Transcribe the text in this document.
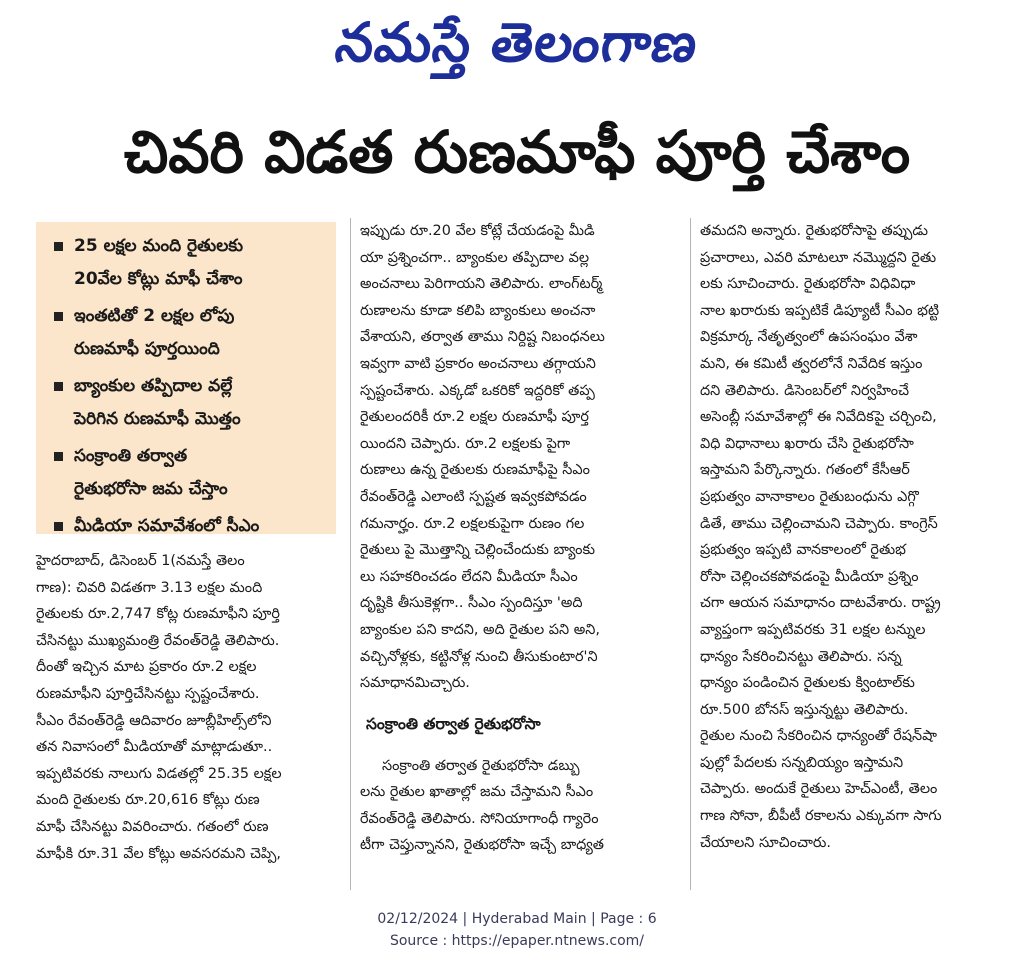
నమస్తే తెలంగాణ
చివరి విడత రుణమాఫీ పూర్తి చేశాం
25 లక్షల మంది రైతులకు
20వేల కోట్లు మాఫీ చేశాం
ఇంతటితో 2 లక్షల లోపు
రుణమాఫీ పూర్తయింది
బ్యాంకుల తప్పిదాల వల్లే
పెరిగిన రుణమాఫీ మొత్తం
సంక్రాంతి తర్వాత
రైతుభరోసా జమ చేస్తాం
మీడియా సమావేశంలో సీఎం

హైదరాబాద్, డిసెంబర్ 1(నమస్తే తెలం

గాణ): చివరి విడతగా 3.13 లక్షల మంది

రైతులకు రూ.2,747 కోట్ల రుణమాఫీని పూర్తి

చేసినట్టు ముఖ్యమంత్రి రేవంత్‌రెడ్డి తెలిపారు.

దీంతో ఇచ్చిన మాట ప్రకారం రూ.2 లక్షల

రుణమాఫీని పూర్తిచేసినట్టు స్పష్టంచేశారు.

సీఎం రేవంత్‌రెడ్డి ఆదివారం జూబ్లీహిల్స్‌లోని

తన నివాసంలో మీడియాతో మాట్లాడుతూ..

ఇప్పటివరకు నాలుగు విడతల్లో 25.35 లక్షల

మంది రైతులకు రూ.20,616 కోట్లు రుణ

మాఫీ చేసినట్టు వివరించారు. గతంలో రుణ

మాఫీకి రూ.31 వేల కోట్లు అవసరమని చెప్పి,

ఇప్పుడు రూ.20 వేల కోట్లే చేయడంపై మీడి

యా ప్రశ్నించగా.. బ్యాంకుల తప్పిదాల వల్ల

అంచనాలు పెరిగాయని తెలిపారు. లాంగ్‌టర్మ్

రుణాలను కూడా కలిపి బ్యాంకులు అంచనా

వేశాయని, తర్వాత తాము నిర్దిష్ట నిబంధనలు

ఇవ్వగా వాటి ప్రకారం అంచనాలు తగ్గాయని

స్పష్టంచేశారు. ఎక్కడో ఒకరికో ఇద్దరికో తప్ప

రైతులందరికీ రూ.2 లక్షల రుణమాఫీ పూర్త

యిందని చెప్పారు. రూ.2 లక్షలకు పైగా

రుణాలు ఉన్న రైతులకు రుణమాఫీపై సీఎం

రేవంత్‌రెడ్డి ఎలాంటి స్పష్టత ఇవ్వకపోవడం

గమనార్హం. రూ.2 లక్షలకుపైగా రుణం గల

రైతులు పై మొత్తాన్ని చెల్లించేందుకు బ్యాంకు

లు సహకరించడం లేదని మీడియా సీఎం

దృష్టికి తీసుకెళ్లగా.. సీఎం స్పందిస్తూ 'అది

బ్యాంకుల పని కాదని, అది రైతుల పని అని,

వచ్చినోళ్లకు, కట్టినోళ్ల నుంచి తీసుకుంటార'ని

సమాధానమిచ్చారు.

సంక్రాంతి తర్వాత రైతుభరోసా

సంక్రాంతి తర్వాత రైతుభరోసా డబ్బు

లను రైతుల ఖాతాల్లో జమ చేస్తామని సీఎం

రేవంత్‌రెడ్డి తెలిపారు. సోనియాగాంధీ గ్యారెం

టీగా చెప్తున్నానని, రైతుభరోసా ఇచ్చే బాధ్యత

తమదని అన్నారు. రైతుభరోసాపై తప్పుడు

ప్రచారాలు, ఎవరి మాటలూ నమ్మొద్దని రైతు

లకు సూచించారు. రైతుభరోసా విధివిధా

నాల ఖరారుకు ఇప్పటికే డిప్యూటీ సీఎం భట్టి

విక్రమార్క నేతృత్వంలో ఉపసంఘం వేశా

మని, ఈ కమిటీ త్వరలోనే నివేదిక ఇస్తుం

దని తెలిపారు. డిసెంబర్‌లో నిర్వహించే

అసెంబ్లీ సమావేశాల్లో ఈ నివేదికపై చర్చించి,

విధి విధానాలు ఖరారు చేసి రైతుభరోసా

ఇస్తామని పేర్కొన్నారు. గతంలో కేసీఆర్

ప్రభుత్వం వానాకాలం రైతుబంధును ఎగ్గొ

డితే, తాము చెల్లించామని చెప్పారు. కాంగ్రెస్

ప్రభుత్వం ఇప్పటి వానకాలంలో రైతుభ

రోసా చెల్లించకపోవడంపై మీడియా ప్రశ్నిం

చగా ఆయన సమాధానం దాటవేశారు. రాష్ట్ర

వ్యాప్తంగా ఇప్పటివరకు 31 లక్షల టన్నుల

ధాన్యం సేకరించినట్టు తెలిపారు. సన్న

ధాన్యం పండించిన రైతులకు క్వింటాల్‌కు

రూ.500 బోనస్ ఇస్తున్నట్టు తెలిపారు.

రైతుల నుంచి సేకరించిన ధాన్యంతో రేషన్‌షా

పుల్లో పేదలకు సన్నబియ్యం ఇస్తామని

చెప్పారు. అందుకే రైతులు హెచ్ఎంటీ, తెలం

గాణ సోనా, బీపీటీ రకాలను ఎక్కువగా సాగు

చేయాలని సూచించారు.

02/12/2024 | Hyderabad Main | Page : 6
Source : https://epaper.ntnews.com/
